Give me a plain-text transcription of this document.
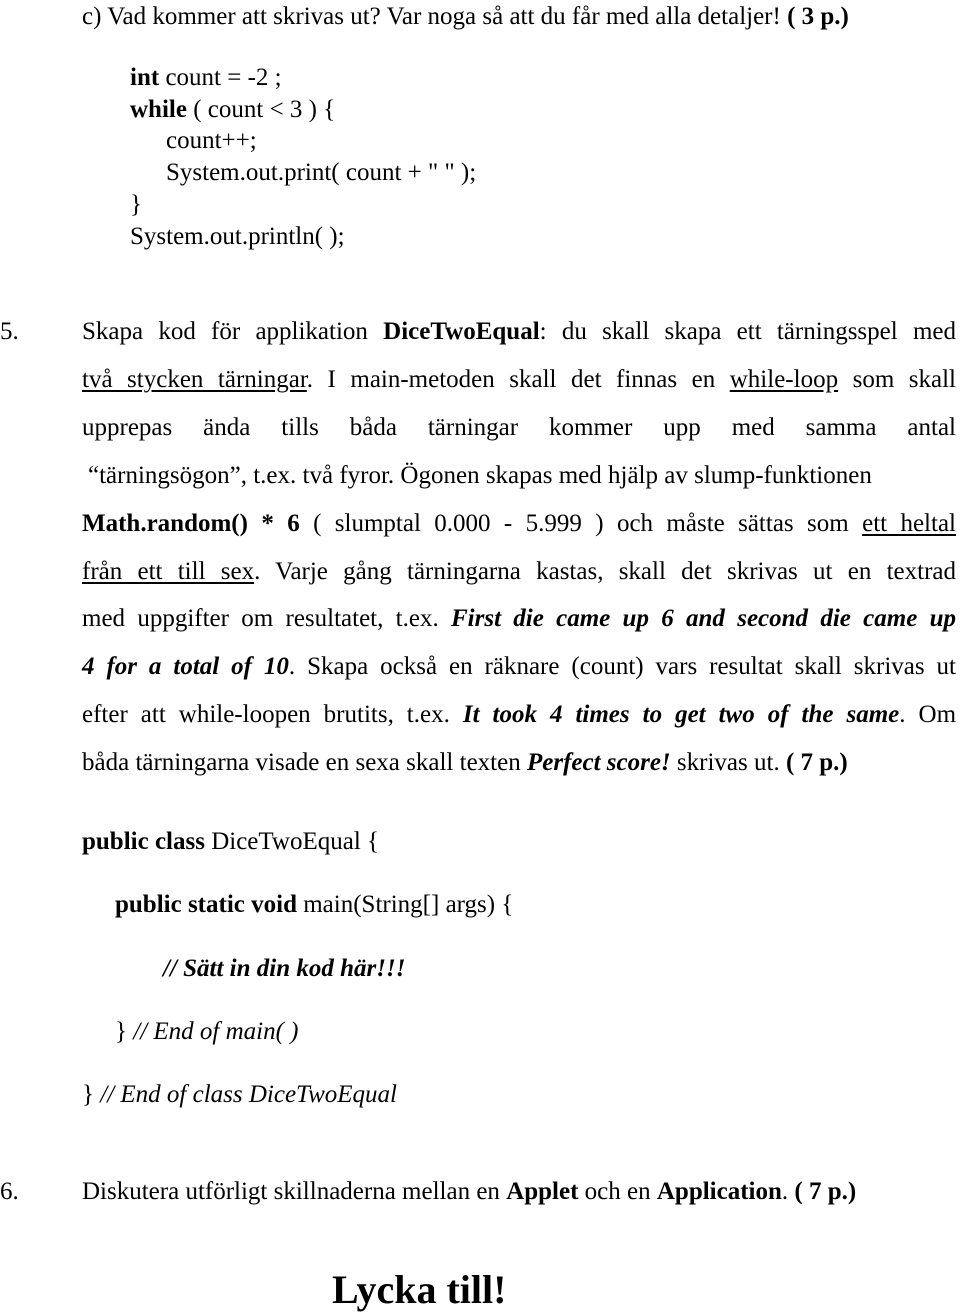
c) Vad kommer att skrivas ut? Var noga så att du får med alla detaljer! ( 3 p.)
int count = -2 ;
while ( count < 3 ) {
count++;
System.out.print( count + " " );
}
System.out.println( );
5.	Skapa kod för applikation DiceTwoEqual: du skall skapa ett tärningsspel med
två stycken tärningar. I main-metoden skall det finnas en while-loop som skall
upprepas  ända  tills  båda  tärningar  kommer  upp  med  samma  antal
“tärningsögon”, t.ex. två fyror. Ögonen skapas med hjälp av slump-funktionen
Math.random() * 6 ( slumptal 0.000 - 5.999 ) och måste sättas som ett heltal
från ett till sex. Varje gång tärningarna kastas, skall det skrivas ut en textrad
med uppgifter om resultatet, t.ex. First die came up 6 and second die came up
4 for a total of 10. Skapa också en räknare (count) vars resultat skall skrivas ut
efter att while-loopen brutits, t.ex. It took 4 times to get two of the same. Om
båda tärningarna visade en sexa skall texten Perfect score! skrivas ut. ( 7 p.)
public class DiceTwoEqual {
public static void main(String[] args) {
// Sätt in din kod här!!!
} // End of main( )
} // End of class DiceTwoEqual
6.	Diskutera utförligt skillnaderna mellan en Applet och en Application. ( 7 p.)
Lycka till!
